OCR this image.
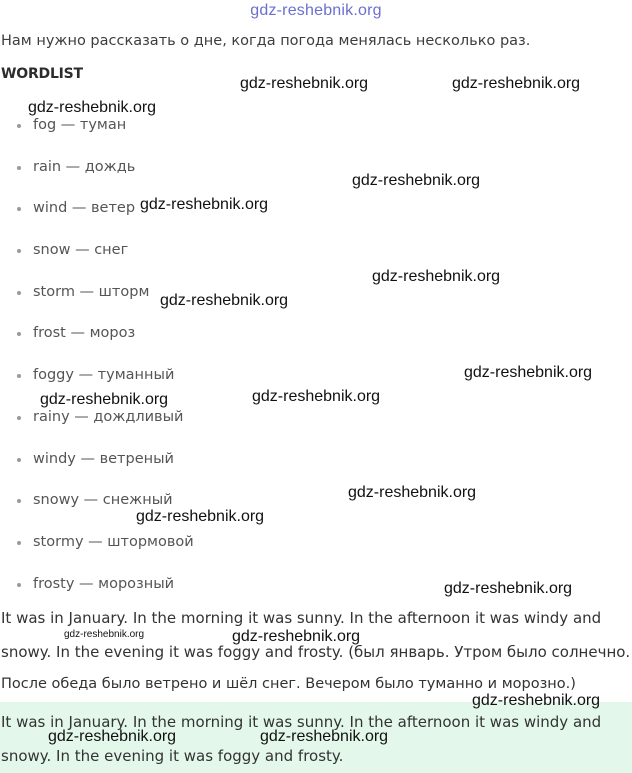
gdz-reshebnik.org
Нам нужно рассказать о дне, когда погода менялась несколько раз.
WORDLIST
fog — туман
rain — дождь
wind — ветер
snow — снег
storm — шторм
frost — мороз
foggy — туманный
rainy — дождливый
windy — ветреный
snowy — снежный
stormy — штормовой
frosty — морозный
It was in January. In the morning it was sunny. In the afternoon it was windy and snowy. In the evening it was foggy and frosty. (был январь. Утром было солнечно.
После обеда было ветрено и шёл снег. Вечером было туманно и морозно.)
It was in January. In the morning it was sunny. In the afternoon it was windy and snowy. In the evening it was foggy and frosty.
gdz-reshebnik.org	gdz-reshebnik.org
gdz-reshebnik.org
gdz-reshebnik.org
gdz-reshebnik.org
gdz-reshebnik.org
gdz-reshebnik.org
gdz-reshebnik.org
gdz-reshebnik.org
gdz-reshebnik.org
gdz-reshebnik.org
gdz-reshebnik.org
gdz-reshebnik.org
gdz-reshebnik.org	gdz-reshebnik.org
gdz-reshebnik.org
gdz-reshebnik.org	gdz-reshebnik.org
